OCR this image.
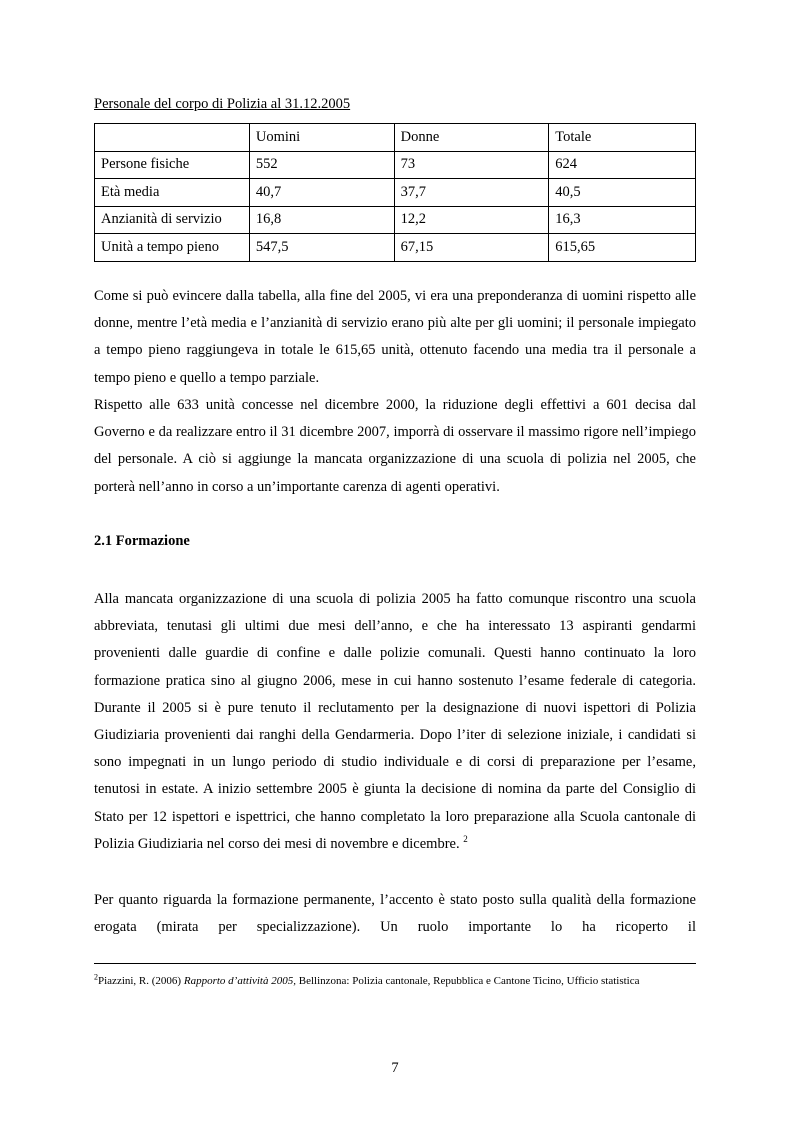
Personale del corpo di Polizia al 31.12.2005
	Uomini	Donne	Totale
Persone fisiche	552	73	624
Età media	40,7	37,7	40,5
Anzianità di servizio	16,8	12,2	16,3
Unità a tempo pieno	547,5	67,15	615,65

Come si può evincere dalla tabella, alla fine del 2005, vi era una preponderanza di uomini rispetto alle donne, mentre l’età media e l’anzianità di servizio erano più alte per gli uomini; il personale impiegato a tempo pieno raggiungeva in totale le 615,65 unità, ottenuto facendo una media tra il personale a tempo pieno e quello a tempo parziale.

Rispetto alle 633 unità concesse nel dicembre 2000, la riduzione degli effettivi a 601 decisa dal Governo e da realizzare entro il 31 dicembre 2007, imporrà di osservare il massimo rigore nell’impiego del personale. A ciò si aggiunge la mancata organizzazione di una scuola di polizia nel 2005, che porterà nell’anno in corso a un’importante carenza di agenti operativi.

2.1 Formazione

Alla mancata organizzazione di una scuola di polizia 2005 ha fatto comunque riscontro una scuola abbreviata, tenutasi gli ultimi due mesi dell’anno, e che ha interessato 13 aspiranti gendarmi provenienti dalle guardie di confine e dalle polizie comunali. Questi hanno continuato la loro formazione pratica sino al giugno 2006, mese in cui hanno sostenuto l’esame federale di categoria. Durante il 2005 si è pure tenuto il reclutamento per la designazione di nuovi ispettori di Polizia Giudiziaria provenienti dai ranghi della Gendarmeria. Dopo l’iter di selezione iniziale, i candidati si sono impegnati in un lungo periodo di studio individuale e di corsi di preparazione per l’esame, tenutosi in estate. A inizio settembre 2005 è giunta la decisione di nomina da parte del Consiglio di Stato per 12 ispettori e ispettrici, che hanno completato la loro preparazione alla Scuola cantonale di Polizia Giudiziaria nel corso dei mesi di novembre e dicembre. $^2$

Per quanto riguarda la formazione permanente, l’accento è stato posto sulla qualità della formazione erogata (mirata per specializzazione). Un ruolo importante lo ha ricoperto il

$^2$Piazzini, R. (2006) Rapporto d’attività 2005, Bellinzona: Polizia cantonale, Repubblica e Cantone Ticino, Ufficio statistica
7
